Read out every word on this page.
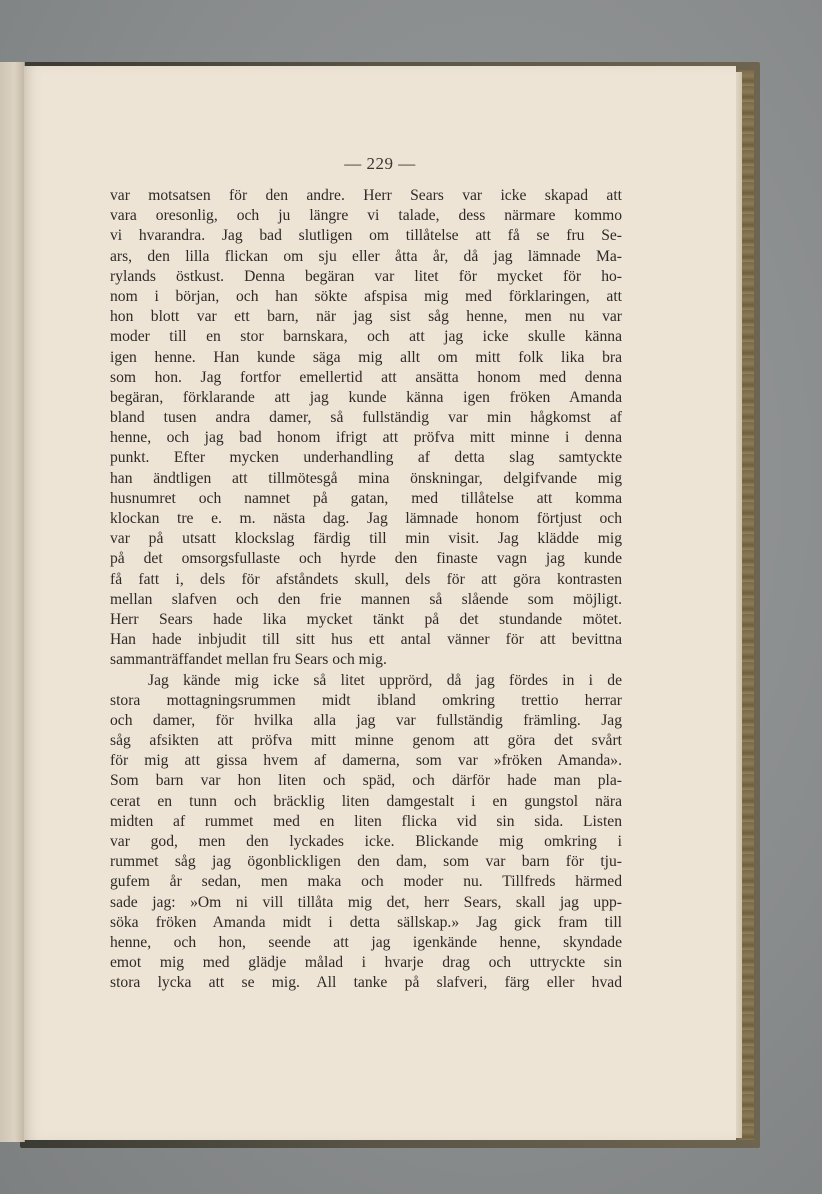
— 229 —
var motsatsen för den andre. Herr Sears var icke skapad att
vara oresonlig, och ju längre vi talade, dess närmare kommo
vi hvarandra. Jag bad slutligen om tillåtelse att få se fru Se-
ars, den lilla flickan om sju eller åtta år, då jag lämnade Ma-
rylands östkust. Denna begäran var litet för mycket för ho-
nom i början, och han sökte afspisa mig med förklaringen, att
hon blott var ett barn, när jag sist såg henne, men nu var
moder till en stor barnskara, och att jag icke skulle känna
igen henne. Han kunde säga mig allt om mitt folk lika bra
som hon. Jag fortfor emellertid att ansätta honom med denna
begäran, förklarande att jag kunde känna igen fröken Amanda
bland tusen andra damer, så fullständig var min hågkomst af
henne, och jag bad honom ifrigt att pröfva mitt minne i denna
punkt. Efter mycken underhandling af detta slag samtyckte
han ändtligen att tillmötesgå mina önskningar, delgifvande mig
husnumret och namnet på gatan, med tillåtelse att komma
klockan tre e. m. nästa dag. Jag lämnade honom förtjust och
var på utsatt klockslag färdig till min visit. Jag klädde mig
på det omsorgsfullaste och hyrde den finaste vagn jag kunde
få fatt i, dels för afståndets skull, dels för att göra kontrasten
mellan slafven och den frie mannen så slående som möjligt.
Herr Sears hade lika mycket tänkt på det stundande mötet.
Han hade inbjudit till sitt hus ett antal vänner för att bevittna
sammanträffandet mellan fru Sears och mig.
Jag kände mig icke så litet upprörd, då jag fördes in i de
stora mottagningsrummen midt ibland omkring trettio herrar
och damer, för hvilka alla jag var fullständig främling. Jag
såg afsikten att pröfva mitt minne genom att göra det svårt
för mig att gissa hvem af damerna, som var »fröken Amanda».
Som barn var hon liten och späd, och därför hade man pla-
cerat en tunn och bräcklig liten damgestalt i en gungstol nära
midten af rummet med en liten flicka vid sin sida. Listen
var god, men den lyckades icke. Blickande mig omkring i
rummet såg jag ögonblickligen den dam, som var barn för tju-
gufem år sedan, men maka och moder nu. Tillfreds härmed
sade jag: »Om ni vill tillåta mig det, herr Sears, skall jag upp-
söka fröken Amanda midt i detta sällskap.» Jag gick fram till
henne, och hon, seende att jag igenkände henne, skyndade
emot mig med glädje målad i hvarje drag och uttryckte sin
stora lycka att se mig. All tanke på slafveri, färg eller hvad
